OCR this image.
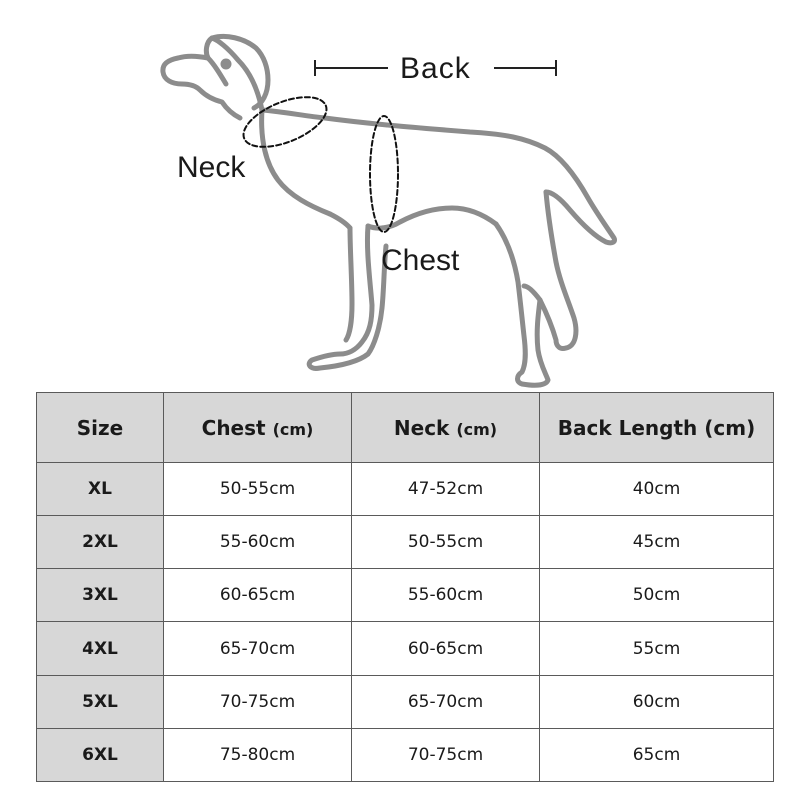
Back
Neck
Chest
Size	Chest (cm)	Neck (cm)	Back Length (cm)
XL	50-55cm	47-52cm	40cm
2XL	55-60cm	50-55cm	45cm
3XL	60-65cm	55-60cm	50cm
4XL	65-70cm	60-65cm	55cm
5XL	70-75cm	65-70cm	60cm
6XL	75-80cm	70-75cm	65cm
